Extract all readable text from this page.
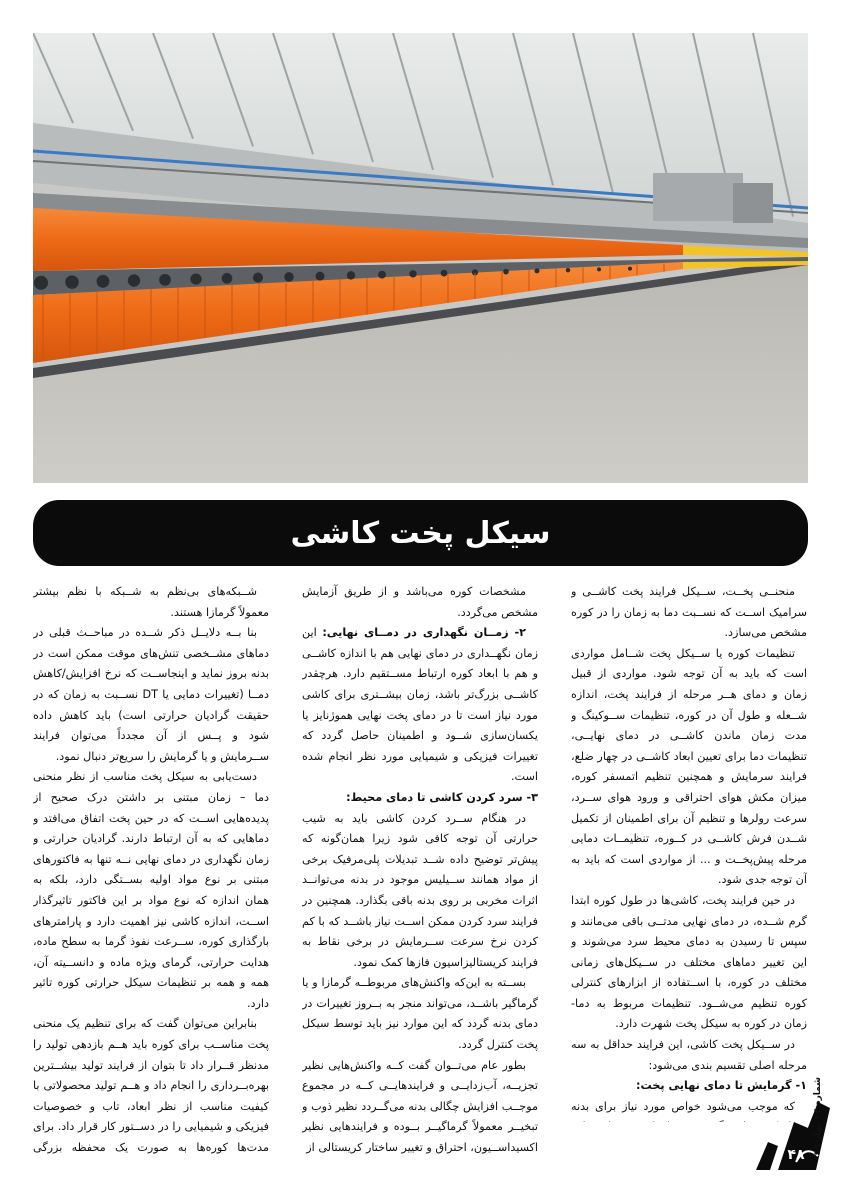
سیکل پخت کاشی

منحنــی پخــت، ســیکل فرایند پخت کاشــی و سرامیک اســت که نســبت دما به زمان را در کوره مشخص می‌سازد.

تنظیمات کوره یا ســیکل پخت شــامل مواردی است که باید به آن توجه شود. مواردی از قبیل زمان و دمای هــر مرحله از فرایند پخت، اندازه شــعله و طول آن در کوره، تنظیمات ســوکینگ و مدت زمان ماندن کاشــی در دمای نهایــی، تنظیمات دما برای تعیین ابعاد کاشــی در چهار ضلع، فرایند سرمایش و همچنین تنظیم اتمسفر کوره، میزان مکش هوای احتراقی و ورود هوای ســرد، سرعت رولرها و تنظیم آن برای اطمینان از تکمیل شــدن فرش کاشــی در کــوره، تنظیمــات دمایی مرحله پیش‌پخــت و ... از مواردی است که باید به آن توجه جدی شود.

در حین فرایند پخت، کاشی‌ها در طول کوره ابتدا گرم شــده، در دمای نهایی مدتــی باقی می‌مانند و سپس تا رسیدن به دمای محیط سرد می‌شوند و این تغییر دماهای مختلف در ســیکل‌های زمانی مختلف در کوره، با اســتفاده از ابزارهای کنترلی کوره تنظیم می‌شــود. تنظیمات مربوط به دما-زمان در کوره به سیکل پخت شهرت دارد.

در ســیکل پخت کاشی، این فرایند حداقل به سه مرحله اصلی تقسیم بندی می‌شود:

۱- گرمایش تا دمای نهایی پخت:

که موجب می‌شود خواص مورد نیاز برای بدنه

مشخصات کوره می‌باشد و از طریق آزمایش مشخص می‌گردد.

۲- زمــان نگهداری در دمــای نهایی: این زمان نگهــداری در دمای نهایی هم با اندازه کاشــی و هم با ابعاد کوره ارتباط مســتقیم دارد. هرچقدر کاشــی بزرگ‌تر باشد، زمان بیشــتری برای کاشی مورد نیاز است تا در دمای پخت نهایی هموژنایز یا یکسان‌سازی شــود و اطمینان حاصل گردد که تغییرات فیزیکی و شیمیایی مورد نظر انجام شده است.

۳- سرد کردن کاشی تا دمای محیط:

در هنگام ســرد کردن کاشی باید به شیب حرارتی آن توجه کافی شود زیرا همان‌گونه که پیش‌تر توضیح داده شــد تبدیلات پلی‌مرفیک برخی از مواد همانند ســیلیس موجود در بدنه می‌توانــد اثرات مخربی بر روی بدنه باقی بگذارد. همچنین در فرایند سرد کردن ممکن اســت نیاز باشــد که با کم کردن نرخ سرعت ســرمایش در برخی نقاط به فرایند کریستالیزاسیون فازها کمک نمود.

بســته به این‌که واکنش‌های مربوطــه گرمازا و یا گرماگیر باشــد، می‌تواند منجر به بــروز تغییرات در دمای بدنه گردد که این موارد نیز باید توسط سیکل پخت کنترل گردد.

بطور عام می‌تــوان گفت کــه واکنش‌هایی نظیر تجزیــه، آب‌زدایــی و فرایندهایــی کــه در مجموع موجــب افزایش چگالی بدنه می‌گــردد نظیر ذوب و تبخیــر معمولاً گرماگیــر بــوده و فرایندهایی نظیر اکسیداســیون، احتراق و تغییر ساختار کریستالی از

شــبکه‌های بی‌نظم به شــبکه با نظم بیشتر معمولاً گرمازا هستند.

بنا بــه دلایــل ذکر شــده در مباحــث قبلی در دماهای مشــخصی تنش‌های موقت ممکن است در بدنه بروز نماید و اینجاســت که نرخ افزایش/کاهش دمــا (تغییرات دمایی یا DT نســبت به زمان که در حقیقت گرادیان حرارتی است) باید کاهش داده شود و پــس از آن مجدداً می‌توان فرایند ســرمایش و یا گرمایش را سریع‌تر دنبال نمود.

دست‌یابی به سیکل پخت مناسب از نظر منحنی دما – زمان مبتنی بر داشتن درک صحیح از پدیده‌هایی اســت که در حین پخت اتفاق می‌افتد و دماهایی که به آن ارتباط دارند. گرادیان حرارتی و زمان نگهداری در دمای نهایی نــه تنها به فاکتورهای مبتنی بر نوع مواد اولیه بســتگی دارد، بلکه به همان اندازه که نوع مواد بر این فاکتور تاثیرگذار اســت، اندازه کاشی نیز اهمیت دارد و پارامترهای بارگذاری کوره، ســرعت نفوذ گرما به سطح ماده، هدایت حرارتی، گرمای ویژه ماده و دانســیته آن، همه و همه بر تنظیمات سیکل حرارتی کوره تاثیر دارد.

بنابراین می‌توان گفت که برای تنظیم یک منحنی پخت مناســب برای کوره باید هــم بازدهی تولید را مدنظر قــرار داد تا بتوان از فرایند تولید بیشــترین بهره‌بــرداری را انجام داد و هــم تولید محصولاتی با کیفیت مناسب از نظر ابعاد، تاب و خصوصیات فیزیکی و شیمیایی را در دســتور کار قرار داد. برای مدت‌ها کوره‌ها به صورت یک محفظه بزرگی	شماره ۴۷ بهار ۹۹
۴۸
